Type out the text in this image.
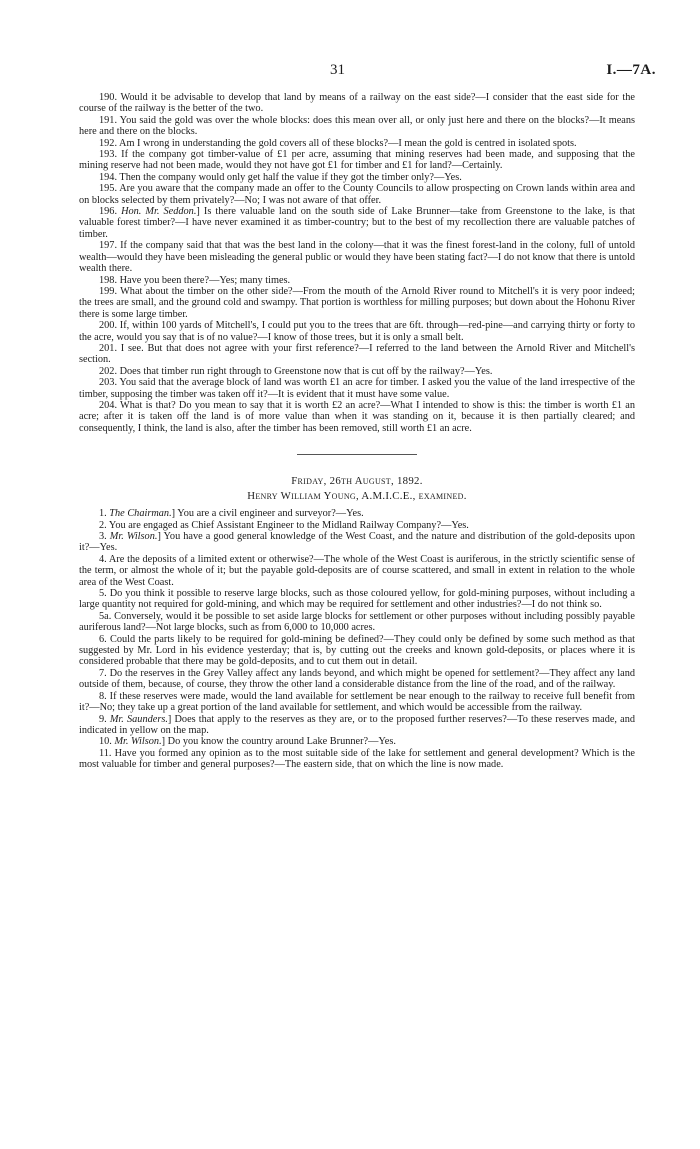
31	I.—7A.

190. Would it be advisable to develop that land by means of a railway on the east side?—I consider that the east side for the course of the railway is the better of the two.

191. You said the gold was over the whole blocks: does this mean over all, or only just here and there on the blocks?—It means here and there on the blocks.

192. Am I wrong in understanding the gold covers all of these blocks?—I mean the gold is centred in isolated spots.

193. If the company got timber-value of £1 per acre, assuming that mining reserves had been made, and supposing that the mining reserve had not been made, would they not have got £1 for timber and £1 for land?—Certainly.

194. Then the company would only get half the value if they got the timber only?—Yes.

195. Are you aware that the company made an offer to the County Councils to allow prospecting on Crown lands within area and on blocks selected by them privately?—No; I was not aware of that offer.

196. Hon. Mr. Seddon.] Is there valuable land on the south side of Lake Brunner—take from Greenstone to the lake, is that valuable forest timber?—I have never examined it as timber-country; but to the best of my recollection there are valuable patches of timber.

197. If the company said that that was the best land in the colony—that it was the finest forest-land in the colony, full of untold wealth—would they have been misleading the general public or would they have been stating fact?—I do not know that there is untold wealth there.

198. Have you been there?—Yes; many times.

199. What about the timber on the other side?—From the mouth of the Arnold River round to Mitchell's it is very poor indeed; the trees are small, and the ground cold and swampy. That portion is worthless for milling purposes; but down about the Hohonu River there is some large timber.

200. If, within 100 yards of Mitchell's, I could put you to the trees that are 6ft. through—red-pine—and carrying thirty or forty to the acre, would you say that is of no value?—I know of those trees, but it is only a small belt.

201. I see. But that does not agree with your first reference?—I referred to the land between the Arnold River and Mitchell's section.

202. Does that timber run right through to Greenstone now that is cut off by the railway?—Yes.

203. You said that the average block of land was worth £1 an acre for timber. I asked you the value of the land irrespective of the timber, supposing the timber was taken off it?—It is evident that it must have some value.

204. What is that? Do you mean to say that it is worth £2 an acre?—What I intended to show is this: the timber is worth £1 an acre; after it is taken off the land is of more value than when it was standing on it, because it is then partially cleared; and consequently, I think, the land is also, after the timber has been removed, still worth £1 an acre.

Friday, 26th August, 1892.

Henry William Young, A.M.I.C.E., examined.

1. The Chairman.] You are a civil engineer and surveyor?—Yes.

2. You are engaged as Chief Assistant Engineer to the Midland Railway Company?—Yes.

3. Mr. Wilson.] You have a good general knowledge of the West Coast, and the nature and distribution of the gold-deposits upon it?—Yes.

4. Are the deposits of a limited extent or otherwise?—The whole of the West Coast is auriferous, in the strictly scientific sense of the term, or almost the whole of it; but the payable gold-deposits are of course scattered, and small in extent in relation to the whole area of the West Coast.

5. Do you think it possible to reserve large blocks, such as those coloured yellow, for gold-mining purposes, without including a large quantity not required for gold-mining, and which may be required for settlement and other industries?—I do not think so.

5a. Conversely, would it be possible to set aside large blocks for settlement or other purposes without including possibly payable auriferous land?—Not large blocks, such as from 6,000 to 10,000 acres.

6. Could the parts likely to be required for gold-mining be defined?—They could only be defined by some such method as that suggested by Mr. Lord in his evidence yesterday; that is, by cutting out the creeks and known gold-deposits, or places where it is considered probable that there may be gold-deposits, and to cut them out in detail.

7. Do the reserves in the Grey Valley affect any lands beyond, and which might be opened for settlement?—They affect any land outside of them, because, of course, they throw the other land a considerable distance from the line of the road, and of the railway.

8. If these reserves were made, would the land available for settlement be near enough to the railway to receive full benefit from it?—No; they take up a great portion of the land available for settlement, and which would be accessible from the railway.

9. Mr. Saunders.] Does that apply to the reserves as they are, or to the proposed further reserves?—To these reserves made, and indicated in yellow on the map.

10. Mr. Wilson.] Do you know the country around Lake Brunner?—Yes.

11. Have you formed any opinion as to the most suitable side of the lake for settlement and general development? Which is the most valuable for timber and general purposes?—The eastern side, that on which the line is now made.
